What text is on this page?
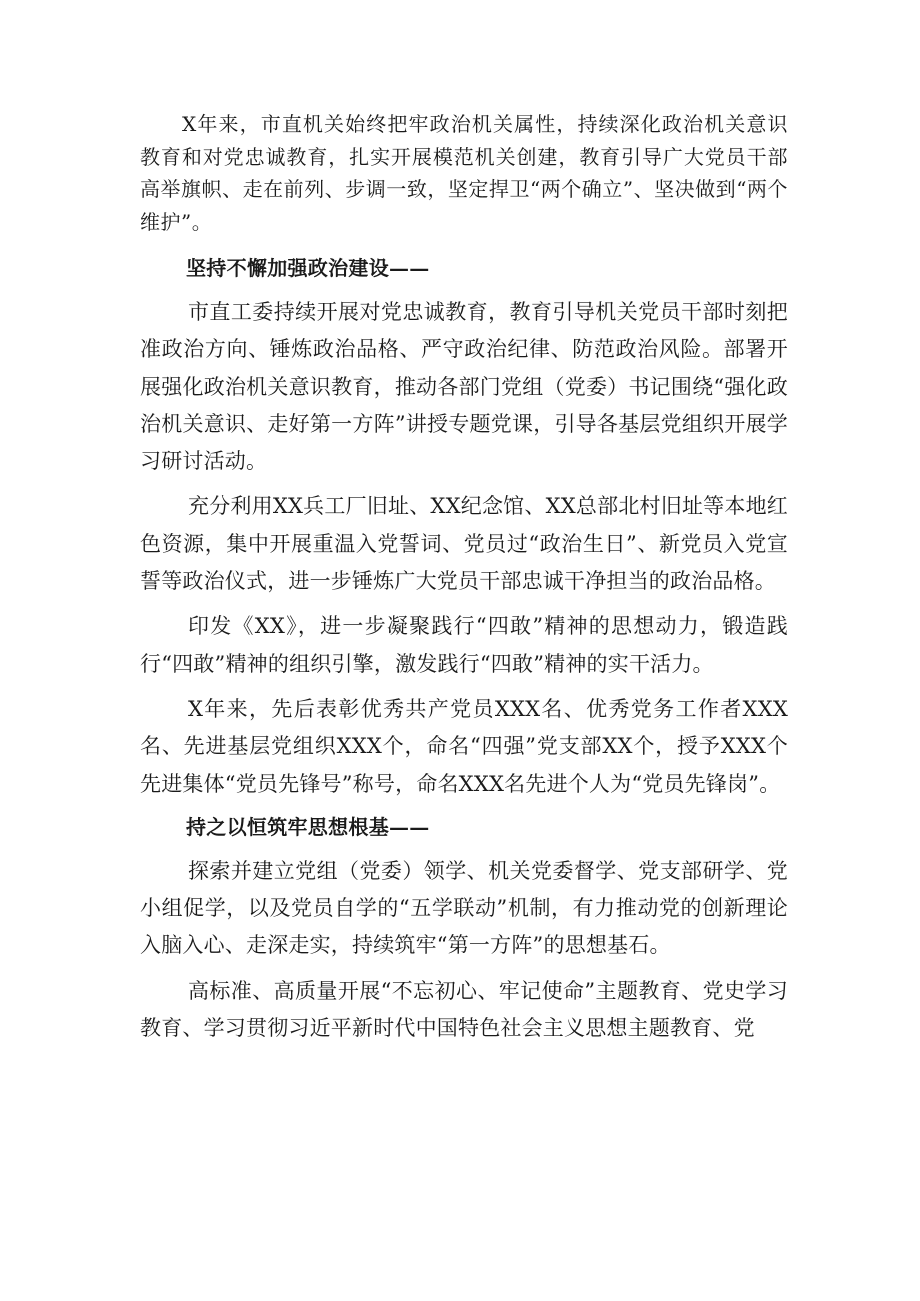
X年来，市直机关始终把牢政治机关属性，持续深化政治机关意识教育和对党忠诚教育，扎实开展模范机关创建，教育引导广大党员干部高举旗帜、走在前列、步调一致，坚定捍卫“两个确立”、坚决做到“两个维护”。

坚持不懈加强政治建设——

市直工委持续开展对党忠诚教育，教育引导机关党员干部时刻把准政治方向、锤炼政治品格、严守政治纪律、防范政治风险。部署开展强化政治机关意识教育，推动各部门党组（党委）书记围绕“强化政治机关意识、走好第一方阵”讲授专题党课，引导各基层党组织开展学习研讨活动。

充分利用XX兵工厂旧址、XX纪念馆、XX总部北村旧址等本地红色资源，集中开展重温入党誓词、党员过“政治生日”、新党员入党宣誓等政治仪式，进一步锤炼广大党员干部忠诚干净担当的政治品格。

印发《XX》，进一步凝聚践行“四敢”精神的思想动力，锻造践行“四敢”精神的组织引擎，激发践行“四敢”精神的实干活力。

X年来，先后表彰优秀共产党员XXX名、优秀党务工作者XXX名、先进基层党组织XXX个，命名“四强”党支部XX个，授予XXX个先进集体“党员先锋号”称号，命名XXX名先进个人为“党员先锋岗”。

持之以恒筑牢思想根基——

探索并建立党组（党委）领学、机关党委督学、党支部研学、党小组促学，以及党员自学的“五学联动”机制，有力推动党的创新理论入脑入心、走深走实，持续筑牢“第一方阵”的思想基石。

高标准、高质量开展“不忘初心、牢记使命”主题教育、党史学习教育、学习贯彻习近平新时代中国特色社会主义思想主题教育、党
